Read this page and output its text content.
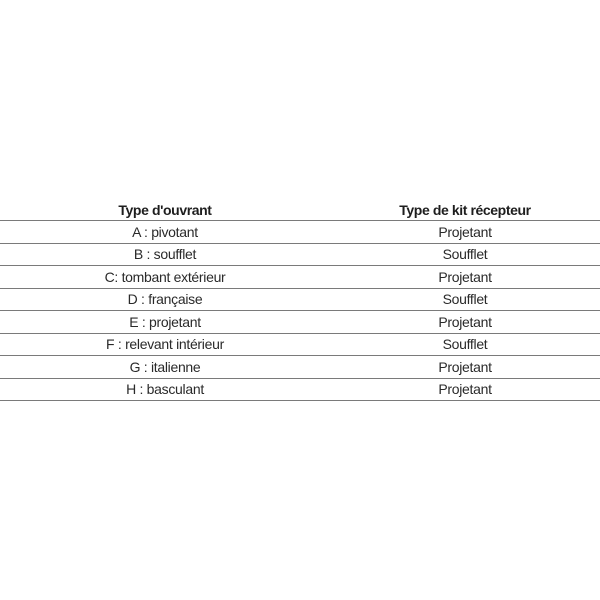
Type d'ouvrant	Type de kit récepteur
A : pivotant	Projetant
B : soufflet	Soufflet
C: tombant extérieur	Projetant
D : française	Soufflet
E : projetant	Projetant
F : relevant intérieur	Soufflet
G : italienne	Projetant
H : basculant	Projetant
